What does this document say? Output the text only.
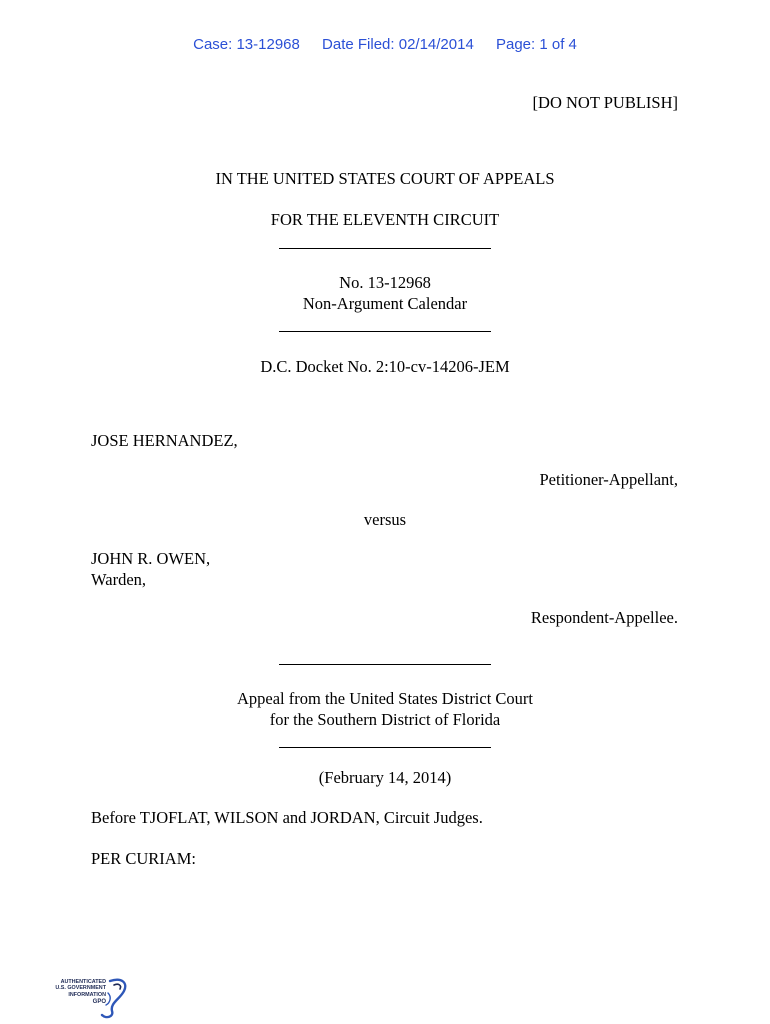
Case: 13-12968 Date Filed: 02/14/2014 Page: 1 of 4
[DO NOT PUBLISH]
IN THE UNITED STATES COURT OF APPEALS
FOR THE ELEVENTH CIRCUIT
No. 13-12968
Non-Argument Calendar
D.C. Docket No. 2:10-cv-14206-JEM
JOSE HERNANDEZ,
Petitioner-Appellant,
versus
JOHN R. OWEN,
Warden,
Respondent-Appellee.
Appeal from the United States District Court
for the Southern District of Florida
(February 14, 2014)
Before TJOFLAT, WILSON and JORDAN, Circuit Judges.
PER CURIAM:
AUTHENTICATED
U.S. GOVERNMENT
INFORMATION
GPO
